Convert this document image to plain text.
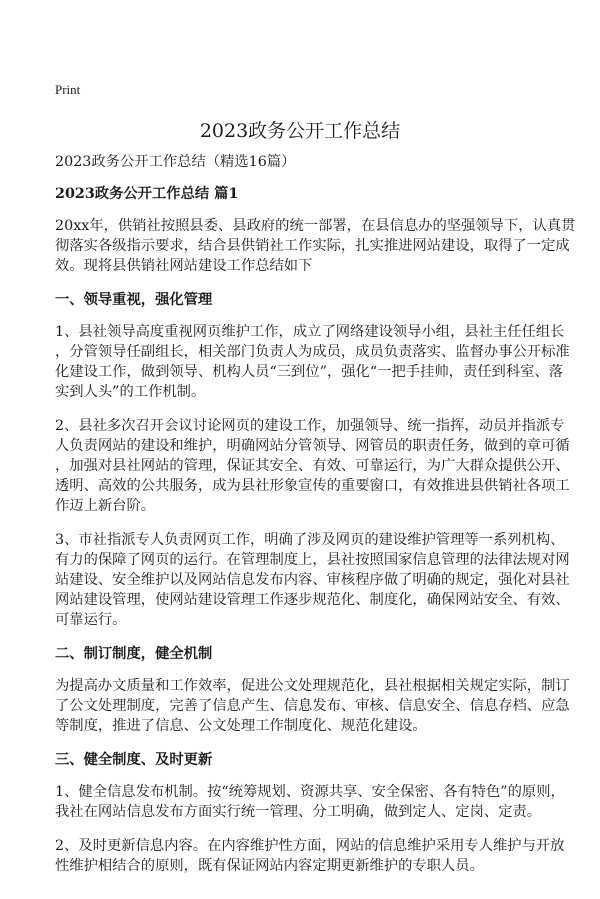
Print
2023政务公开工作总结
2023政务公开工作总结（精选16篇）
2023政务公开工作总结 篇1
20xx年，供销社按照县委、县政府的统一部署，在县信息办的坚强领导下，认真贯
彻落实各级指示要求，结合县供销社工作实际，扎实推进网站建设，取得了一定成
效。现将县供销社网站建设工作总结如下
一、领导重视，强化管理
1、县社领导高度重视网页维护工作，成立了网络建设领导小组，县社主任任组长
，分管领导任副组长，相关部门负责人为成员，成员负责落实、监督办事公开标准
化建设工作，做到领导、机构人员“三到位”，强化“一把手挂帅，责任到科室、落
实到人头”的工作机制。
2、县社多次召开会议讨论网页的建设工作，加强领导、统一指挥，动员并指派专
人负责网站的建设和维护，明确网站分管领导、网管员的职责任务，做到的章可循
，加强对县社网站的管理，保证其安全、有效、可靠运行，为广大群众提供公开、
透明、高效的公共服务，成为县社形象宣传的重要窗口，有效推进县供销社各项工
作迈上新台阶。
3、市社指派专人负责网页工作，明确了涉及网页的建设维护管理等一系列机构、
有力的保障了网页的运行。在管理制度上，县社按照国家信息管理的法律法规对网
站建设、安全维护以及网站信息发布内容、审核程序做了明确的规定，强化对县社
网站建设管理，使网站建设管理工作逐步规范化、制度化，确保网站安全、有效、
可靠运行。
二、制订制度，健全机制
为提高办文质量和工作效率，促进公文处理规范化，县社根据相关规定实际，制订
了公文处理制度，完善了信息产生、信息发布、审核、信息安全、信息存档、应急
等制度，推进了信息、公文处理工作制度化、规范化建设。
三、健全制度、及时更新
1、健全信息发布机制。按“统筹规划、资源共享、安全保密、各有特色”的原则，
我社在网站信息发布方面实行统一管理、分工明确，做到定人、定岗、定责。
2、及时更新信息内容。在内容维护性方面，网站的信息维护采用专人维护与开放
性维护相结合的原则，既有保证网站内容定期更新维护的专职人员。
